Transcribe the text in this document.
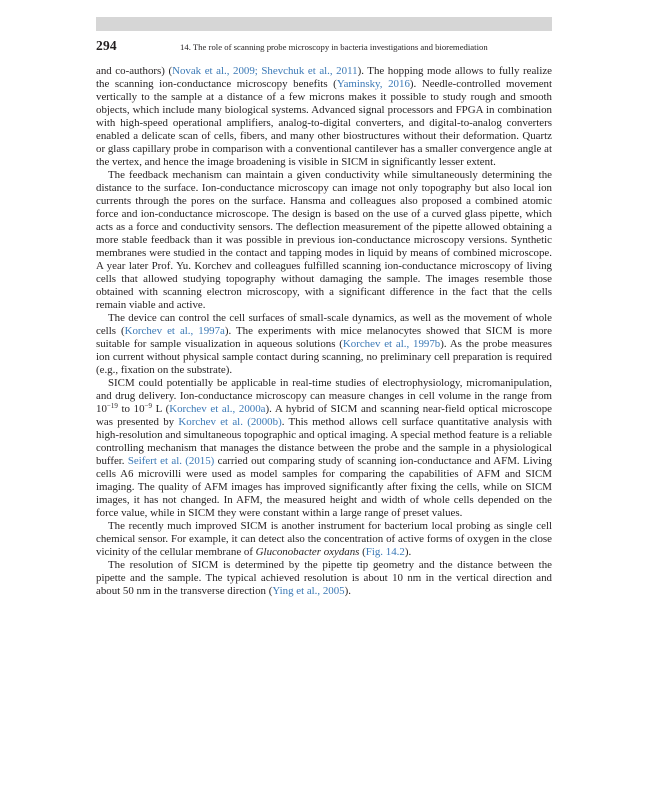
294	14. The role of scanning probe microscopy in bacteria investigations and bioremediation

and co-authors) (Novak et al., 2009; Shevchuk et al., 2011). The hopping mode allows to fully realize the scanning ion-conductance microscopy benefits (Yaminsky, 2016). Needle-controlled movement vertically to the sample at a distance of a few microns makes it possible to study rough and smooth objects, which include many biological systems. Advanced signal processors and FPGA in combination with high-speed operational amplifiers, analog-to-digital converters, and digital-to-analog converters enabled a delicate scan of cells, fibers, and many other biostructures without their deformation. Quartz or glass capillary probe in comparison with a conventional cantilever has a smaller convergence angle at the vertex, and hence the image broadening is visible in SICM in significantly lesser extent.

The feedback mechanism can maintain a given conductivity while simultaneously determining the distance to the surface. Ion-conductance microscopy can image not only topography but also local ion currents through the pores on the surface. Hansma and colleagues also proposed a combined atomic force and ion-conductance microscope. The design is based on the use of a curved glass pipette, which acts as a force and conductivity sensors. The deflection measurement of the pipette allowed obtaining a more stable feedback than it was possible in previous ion-conductance microscopy versions. Synthetic membranes were studied in the contact and tapping modes in liquid by means of combined microscope. A year later Prof. Yu. Korchev and colleagues fulfilled scanning ion-conductance microscopy of living cells that allowed studying topography without damaging the sample. The images resemble those obtained with scanning electron microscopy, with a significant difference in the fact that the cells remain viable and active.

The device can control the cell surfaces of small-scale dynamics, as well as the movement of whole cells (Korchev et al., 1997a). The experiments with mice melanocytes showed that SICM is more suitable for sample visualization in aqueous solutions (Korchev et al., 1997b). As the probe measures ion current without physical sample contact during scanning, no preliminary cell preparation is required (e.g., fixation on the substrate).

SICM could potentially be applicable in real-time studies of electrophysiology, micromanipulation, and drug delivery. Ion-conductance microscopy can measure changes in cell volume in the range from $10^{-19}$ to $10^{-9}$ L (Korchev et al., 2000a). A hybrid of SICM and scanning near-field optical microscope was presented by Korchev et al. (2000b). This method allows cell surface quantitative analysis with high-resolution and simultaneous topographic and optical imaging. A special method feature is a reliable controlling mechanism that manages the distance between the probe and the sample in a physiological buffer. Seifert et al. (2015) carried out comparing study of scanning ion-conductance and AFM. Living cells A6 microvilli were used as model samples for comparing the capabilities of AFM and SICM imaging. The quality of AFM images has improved significantly after fixing the cells, while on SICM images, it has not changed. In AFM, the measured height and width of whole cells depended on the force value, while in SICM they were constant within a large range of preset values.

The recently much improved SICM is another instrument for bacterium local probing as single cell chemical sensor. For example, it can detect also the concentration of active forms of oxygen in the close vicinity of the cellular membrane of Gluconobacter oxydans (Fig. 14.2).

The resolution of SICM is determined by the pipette tip geometry and the distance between the pipette and the sample. The typical achieved resolution is about 10 nm in the vertical direction and about 50 nm in the transverse direction (Ying et al., 2005).
